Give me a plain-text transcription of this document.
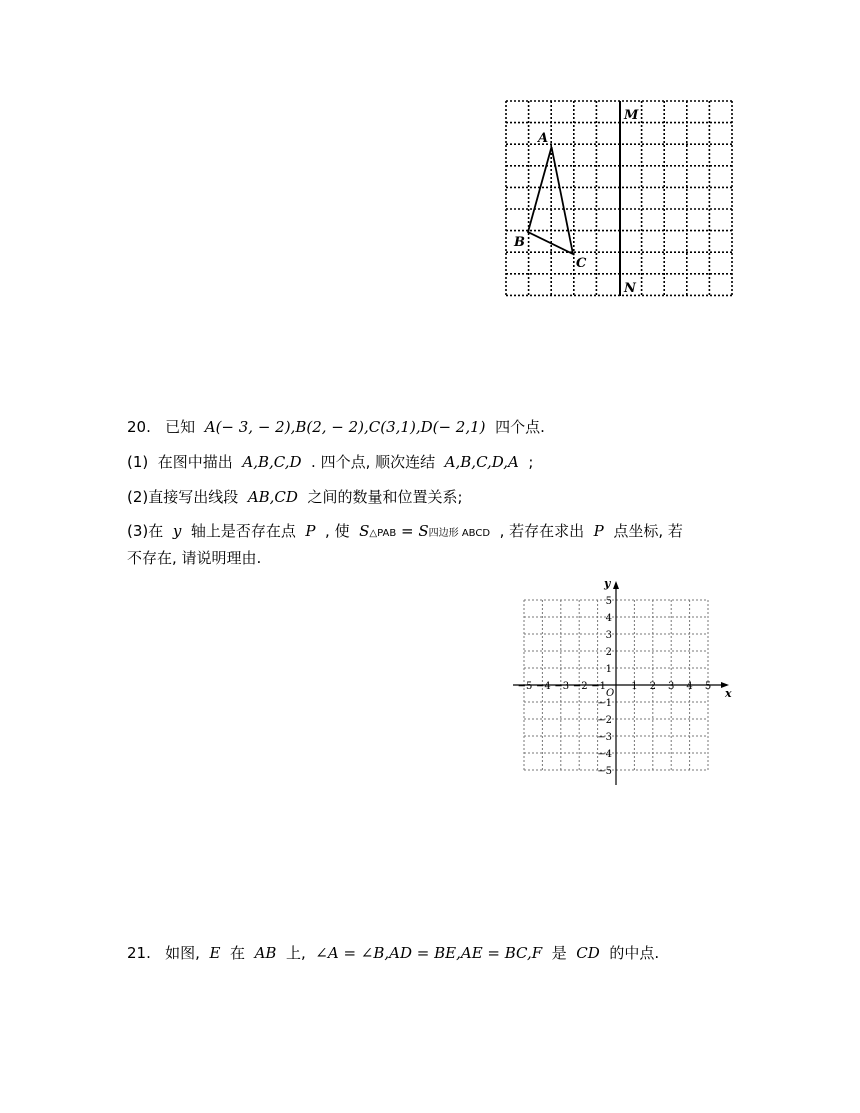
A
B
C
M
N
20. 已知 A(− 3, − 2),B(2, − 2),C(3,1),D(− 2,1) 四个点.
(1) 在图中描出 A,B,C,D . 四个点, 顺次连结 A,B,C,D,A ;
(2)直接写出线段 AB,CD 之间的数量和位置关系;
(3)在 y 轴上是否存在点 P , 使 S△PAB = S四边形 ABCD , 若存在求出 P 点坐标, 若
不存在, 请说明理由.
x
y
O
−5 −4 −3 −2 −1	1 2 3 4 5
5
4
3
2
1
−1
−2
−3
−4
−5
21. 如图, E 在 AB 上, ∠A = ∠B,AD = BE,AE = BC,F 是 CD 的中点.
